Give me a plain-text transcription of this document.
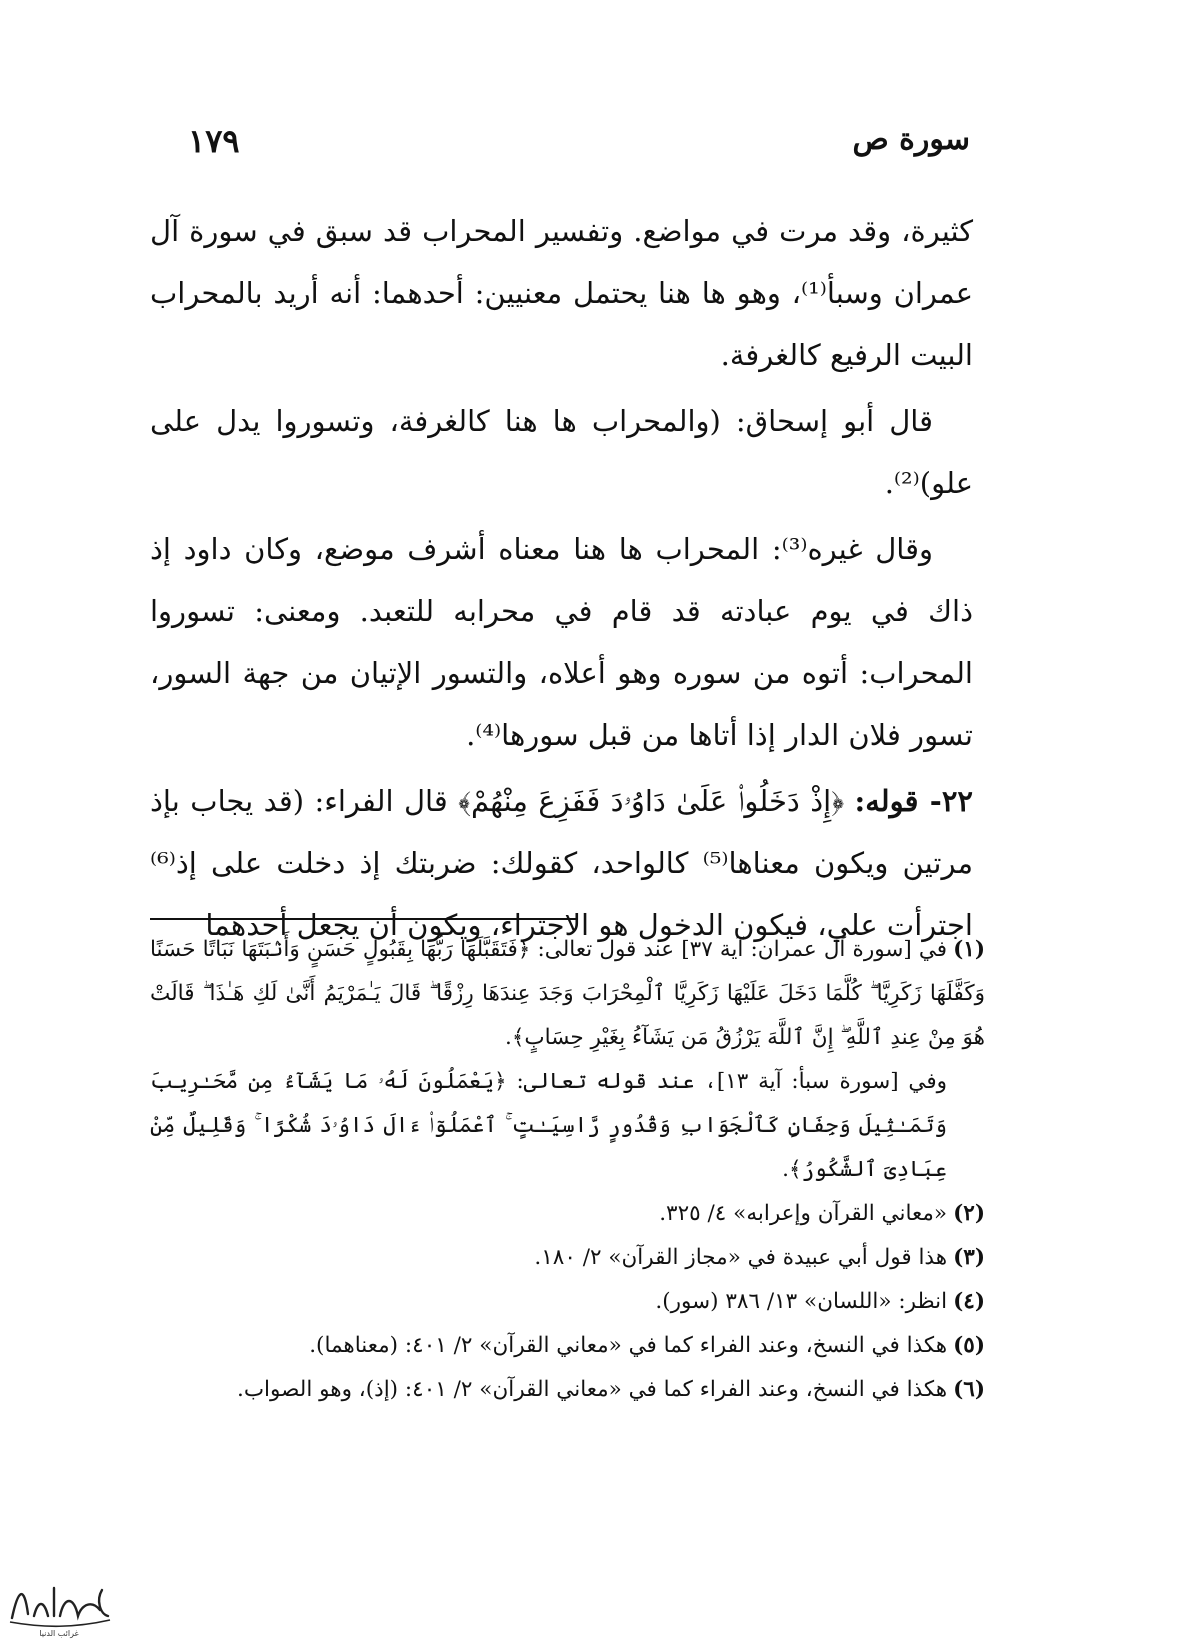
سورة ص
١٧٩

كثيرة، وقد مرت في مواضع. وتفسير المحراب قد سبق في سورة آل عمران وسبأ⁽¹⁾، وهو ها هنا يحتمل معنيين: أحدهما: أنه أريد بالمحراب البيت الرفيع كالغرفة.

قال أبو إسحاق: (والمحراب ها هنا كالغرفة، وتسوروا يدل على علو)⁽²⁾.

وقال غيره⁽³⁾: المحراب ها هنا معناه أشرف موضع، وكان داود إذ ذاك في يوم عبادته قد قام في محرابه للتعبد. ومعنى: تسوروا المحراب: أتوه من سوره وهو أعلاه، والتسور الإتيان من جهة السور، تسور فلان الدار إذا أتاها من قبل سورها⁽⁴⁾.

٢٢- قوله: ﴿إِذْ دَخَلُوا۟ عَلَىٰ دَاوُۥدَ فَفَزِعَ مِنْهُمْ﴾ قال الفراء: (قد يجاب بإذ مرتين ويكون معناها⁽⁵⁾ كالواحد، كقولك: ضربتك إذ دخلت على إذ⁽⁶⁾ اجترأت علي، فيكون الدخول هو الاجتراء، ويكون أن يجعل أحدهما

(١)في [سورة آل عمران: آية ٣٧] عند قول تعالى: ﴿فَتَقَبَّلَهَا رَبُّهَا بِقَبُولٍ حَسَنٍ وَأَنۢبَتَهَا نَبَاتًا حَسَنًا وَكَفَّلَهَا زَكَرِيَّا ۖ كُلَّمَا دَخَلَ عَلَيْهَا زَكَرِيَّا ٱلْمِحْرَابَ وَجَدَ عِندَهَا رِزْقًا ۖ قَالَ يَـٰمَرْيَمُ أَنَّىٰ لَكِ هَـٰذَا ۖ قَالَتْ هُوَ مِنْ عِندِ ٱللَّهِ ۖ إِنَّ ٱللَّهَ يَرْزُقُ مَن يَشَآءُ بِغَيْرِ حِسَابٍ﴾.

وفي [سورة سبأ: آية ١٣]، عند قوله تعالى: ﴿يَعْمَلُونَ لَهُۥ مَا يَشَآءُ مِن مَّحَـٰرِيبَ وَتَمَـٰثِيلَ وَجِفَانٍ كَٱلْجَوَابِ وَقُدُورٍ رَّاسِيَـٰتٍ ۚ ٱعْمَلُوٓا۟ ءَالَ دَاوُۥدَ شُكْرًا ۚ وَقَلِيلٌ مِّنْ عِبَادِىَ ٱلشَّكُورُ﴾.

(٢)«معاني القرآن وإعرابه» ٤/ ٣٢٥.

(٣)هذا قول أبي عبيدة في «مجاز القرآن» ٢/ ١٨٠.

(٤)انظر: «اللسان» ١٣/ ٣٨٦ (سور).

(٥)هكذا في النسخ، وعند الفراء كما في «معاني القرآن» ٢/ ٤٠١: (معناهما).

(٦)هكذا في النسخ، وعند الفراء كما في «معاني القرآن» ٢/ ٤٠١: (إذ)، وهو الصواب.

غرائب الدنيا
